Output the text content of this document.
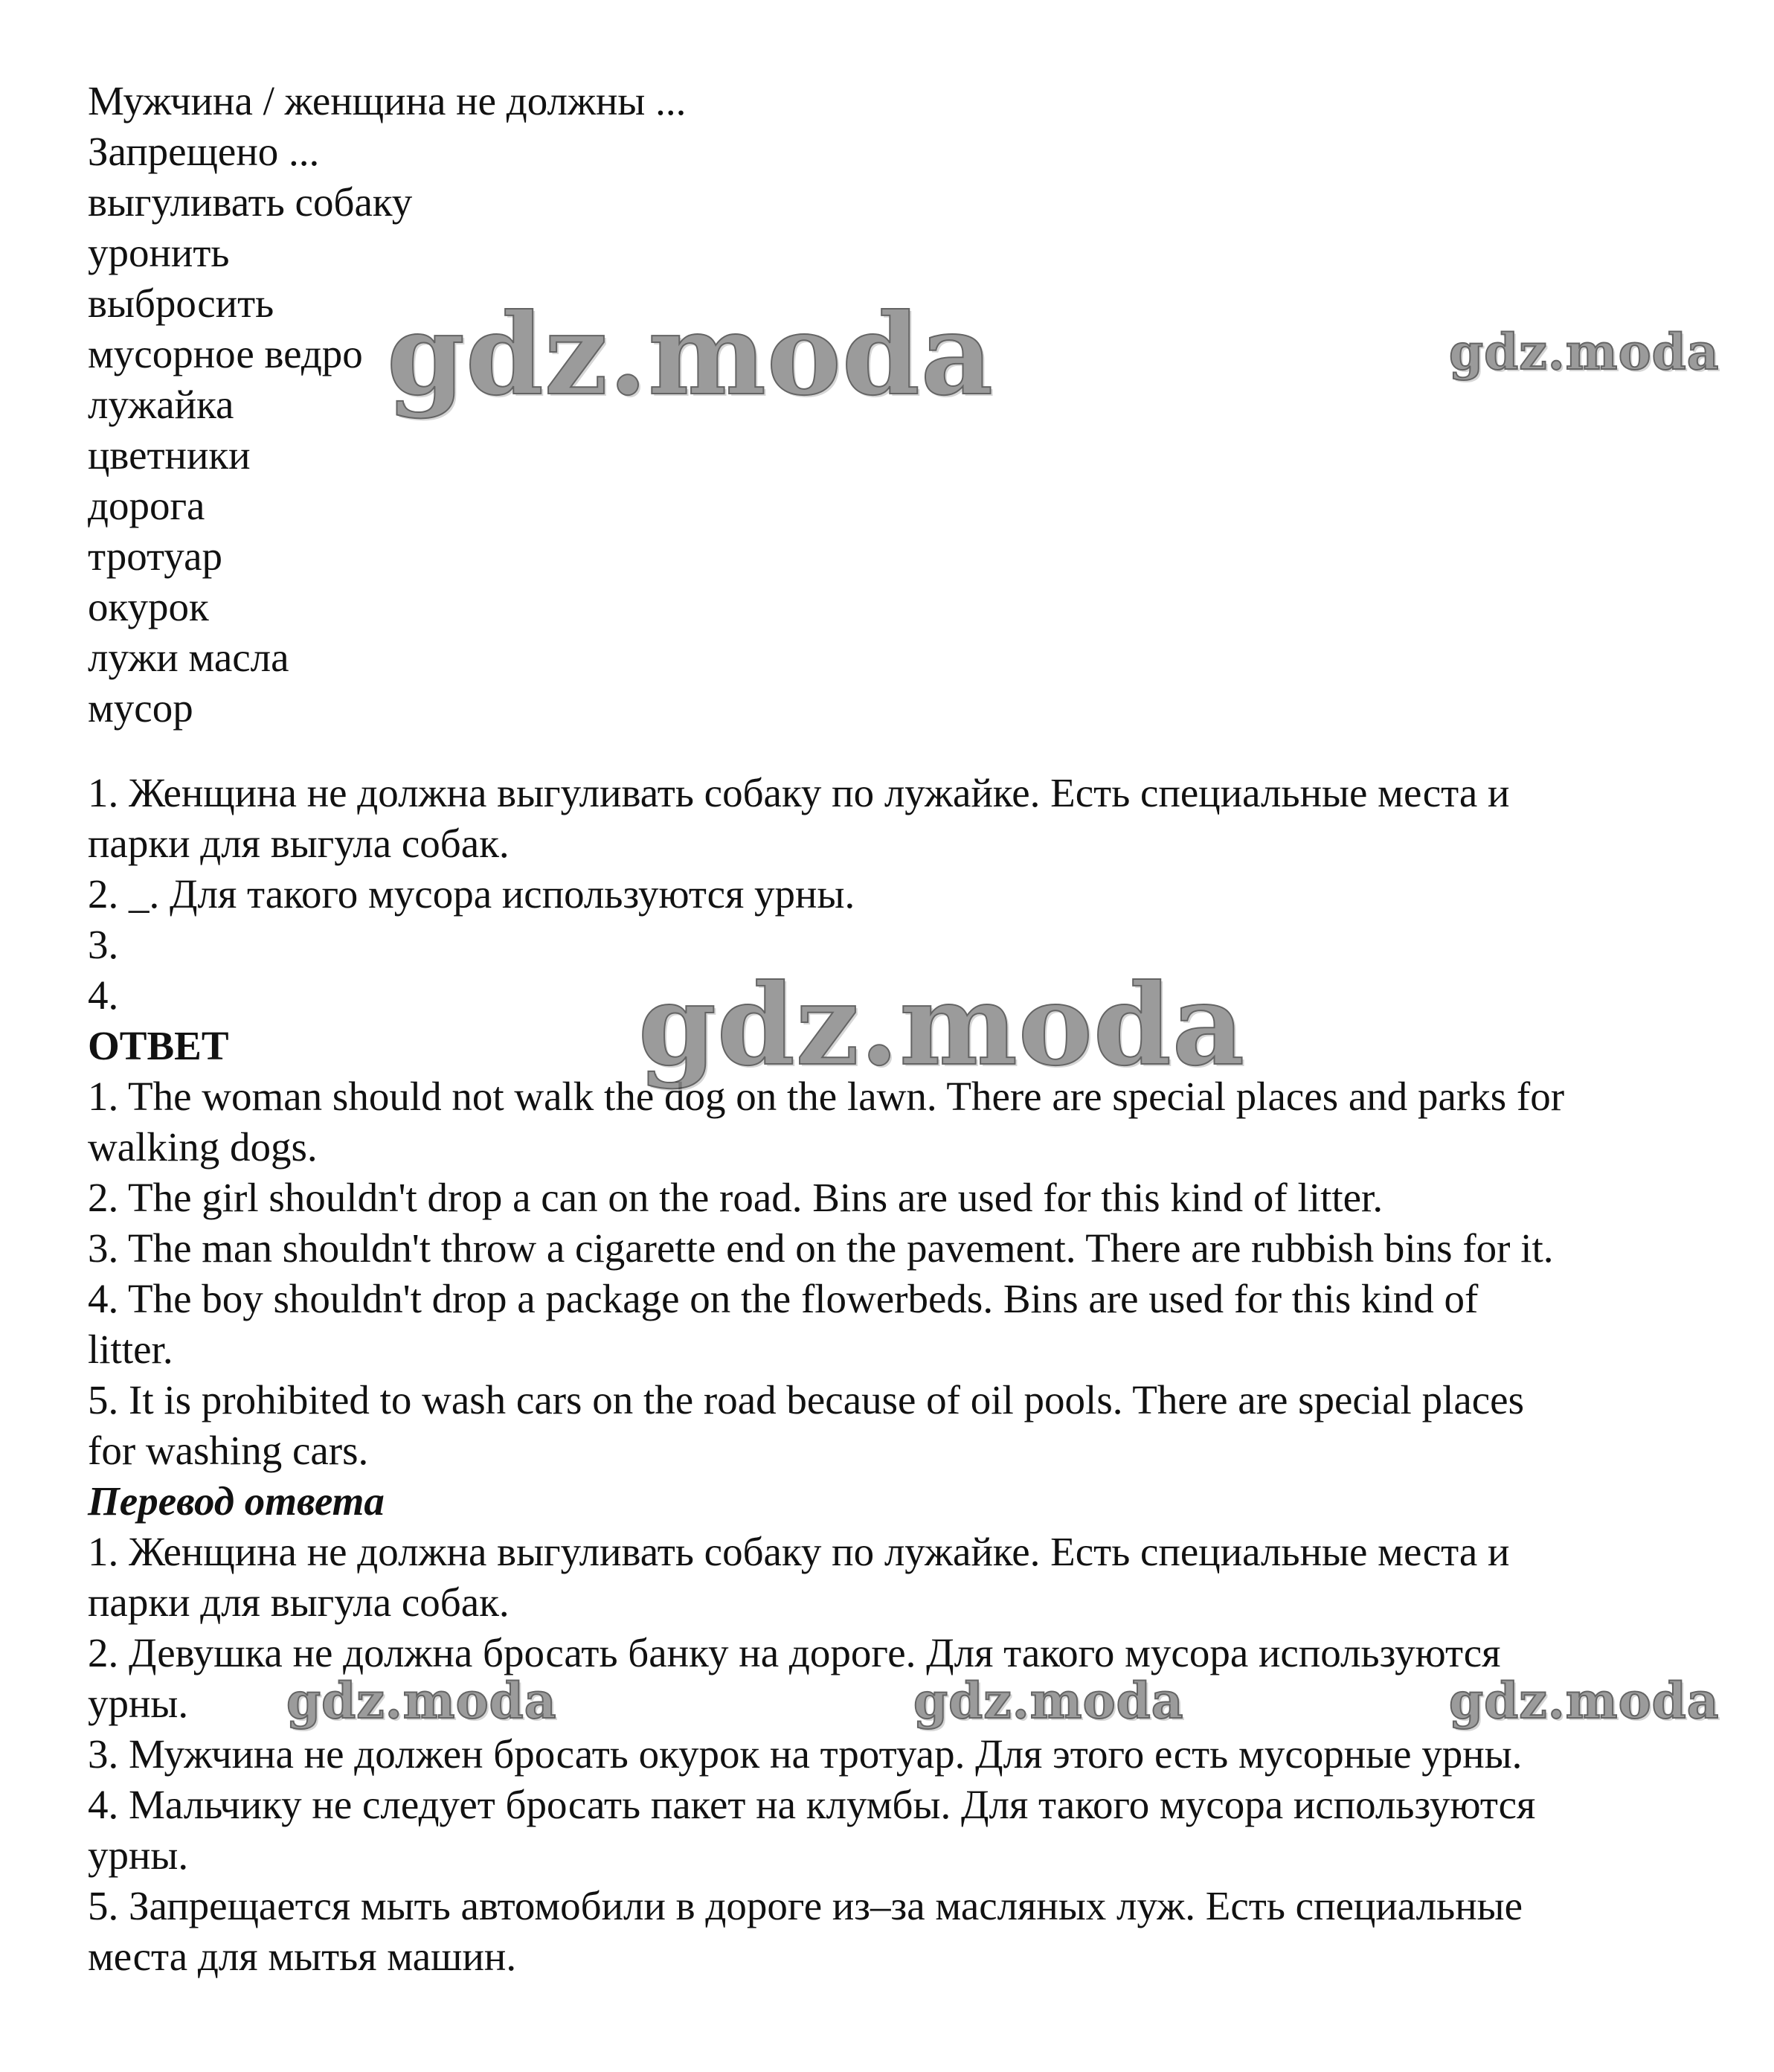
Мужчина / женщина не должны ...
Запрещено ...
выгуливать собаку
уронить
выбросить
мусорное ведро
лужайка
цветники
дорога
тротуар
окурок
лужи масла
мусор
1. Женщина не должна выгуливать собаку по лужайке. Есть специальные места и
парки для выгула собак.
2. _. Для такого мусора используются урны.
3.
4.
ОТВЕТ
1. The woman should not walk the dog on the lawn. There are special places and parks for
walking dogs.
2. The girl shouldn't drop a can on the road. Bins are used for this kind of litter.
3. The man shouldn't throw a cigarette end on the pavement. There are rubbish bins for it.
4. The boy shouldn't drop a package on the flowerbeds. Bins are used for this kind of
litter.
5. It is prohibited to wash cars on the road because of oil pools. There are special places
for washing cars.
Перевод ответа
1. Женщина не должна выгуливать собаку по лужайке. Есть специальные места и
парки для выгула собак.
2. Девушка не должна бросать банку на дороге. Для такого мусора используются
урны.
3. Мужчина не должен бросать окурок на тротуар. Для этого есть мусорные урны.
4. Мальчику не следует бросать пакет на клумбы. Для такого мусора используются
урны.
5. Запрещается мыть автомобили в дороге из–за масляных луж. Есть специальные
места для мытья машин.
gdz.moda	gdz.moda
gdz.moda
gdz.moda	gdz.moda	gdz.moda
